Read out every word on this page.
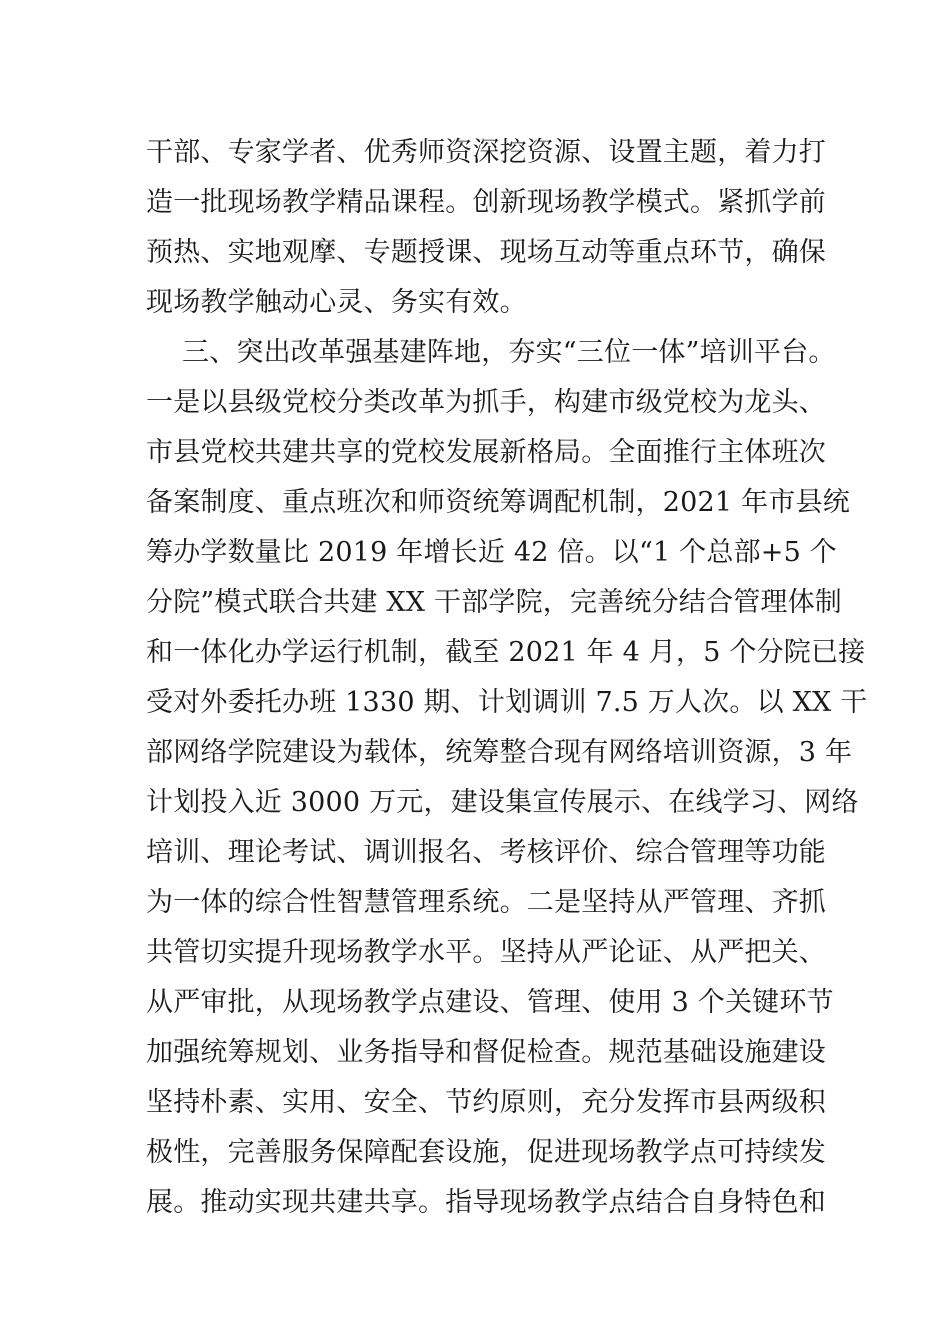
干部、专家学者、优秀师资深挖资源、设置主题，着力打
造一批现场教学精品课程。创新现场教学模式。紧抓学前
预热、实地观摩、专题授课、现场互动等重点环节，确保
现场教学触动心灵、务实有效。
三、突出改革强基建阵地，夯实“三位一体”培训平台。
一是以县级党校分类改革为抓手，构建市级党校为龙头、
市县党校共建共享的党校发展新格局。全面推行主体班次
备案制度、重点班次和师资统筹调配机制，2021 年市县统
筹办学数量比 2019 年增长近 42 倍。以“1 个总部+5 个
分院”模式联合共建 XX 干部学院，完善统分结合管理体制
和一体化办学运行机制，截至 2021 年 4 月，5 个分院已接
受对外委托办班 1330 期、计划调训 7.5 万人次。以 XX 干
部网络学院建设为载体，统筹整合现有网络培训资源，3 年
计划投入近 3000 万元，建设集宣传展示、在线学习、网络
培训、理论考试、调训报名、考核评价、综合管理等功能
为一体的综合性智慧管理系统。二是坚持从严管理、齐抓
共管切实提升现场教学水平。坚持从严论证、从严把关、
从严审批，从现场教学点建设、管理、使用 3 个关键环节
加强统筹规划、业务指导和督促检查。规范基础设施建设
坚持朴素、实用、安全、节约原则，充分发挥市县两级积
极性，完善服务保障配套设施，促进现场教学点可持续发
展。推动实现共建共享。指导现场教学点结合自身特色和
